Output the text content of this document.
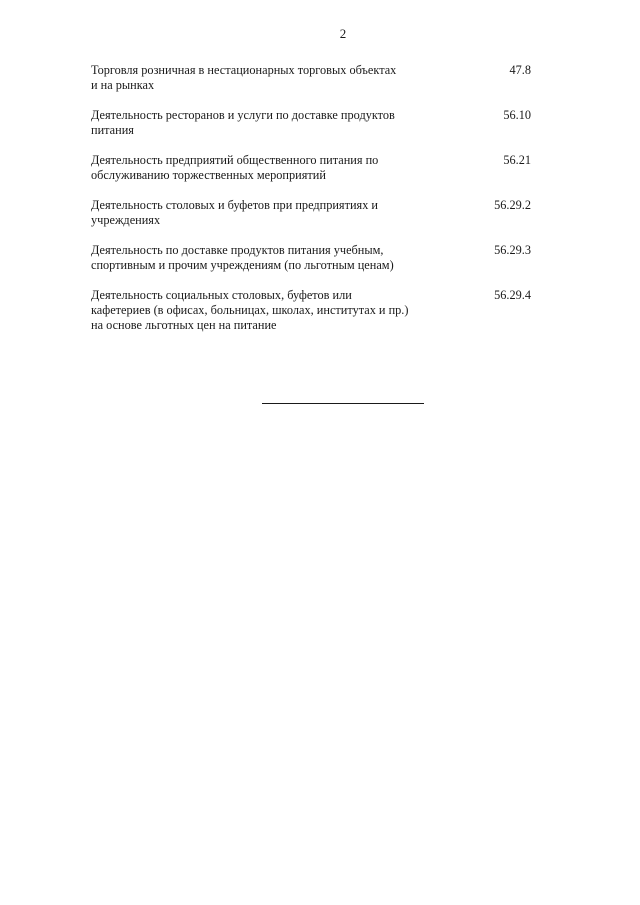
2
Торговля розничная в нестационарных торговых объектах
и на рынках
47.8
Деятельность ресторанов и услуги по доставке продуктов
питания
56.10
Деятельность предприятий общественного питания по
обслуживанию торжественных мероприятий
56.21
Деятельность столовых и буфетов при предприятиях и
учреждениях
56.29.2
Деятельность по доставке продуктов питания учебным,
спортивным и прочим учреждениям (по льготным ценам)
56.29.3
Деятельность социальных столовых, буфетов или
кафетериев (в офисах, больницах, школах, институтах и пр.)
на основе льготных цен на питание
56.29.4
